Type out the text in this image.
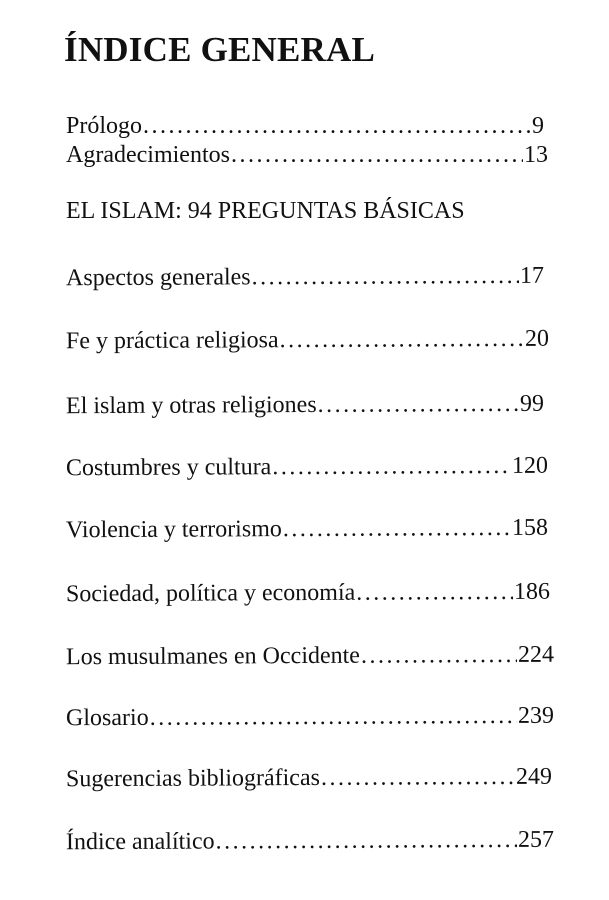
ÍNDICE GENERAL
Prólogo .....	9
Agradecimientos .....	13
EL ISLAM: 94 PREGUNTAS BÁSICAS
Aspectos generales .....	17
Fe y práctica religiosa .....	20
El islam y otras religiones .....	99
Costumbres y cultura .....	120
Violencia y terrorismo .....	158
Sociedad, política y economía .....	186
Los musulmanes en Occidente .....	224
Glosario .....	239
Sugerencias bibliográficas .....	249
Índice analítico .....	257
